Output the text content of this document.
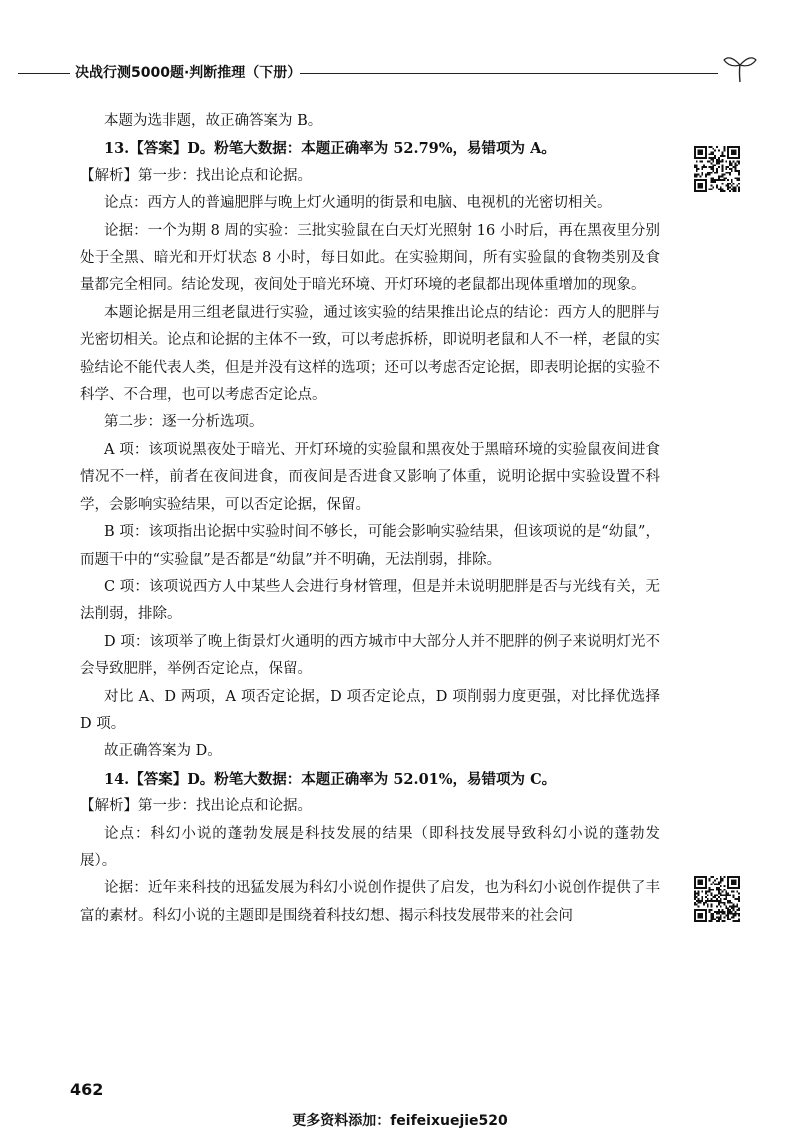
决战行测5000题·判断推理（下册）

本题为选非题，故正确答案为 B。

13.【答案】D。粉笔大数据：本题正确率为 52.79%，易错项为 A。

【解析】第一步：找出论点和论据。

论点：西方人的普遍肥胖与晚上灯火通明的街景和电脑、电视机的光密切相关。

论据：一个为期 8 周的实验：三批实验鼠在白天灯光照射 16 小时后，再在黑夜里分别处于全黑、暗光和开灯状态 8 小时，每日如此。在实验期间，所有实验鼠的食物类别及食量都完全相同。结论发现，夜间处于暗光环境、开灯环境的老鼠都出现体重增加的现象。

本题论据是用三组老鼠进行实验，通过该实验的结果推出论点的结论：西方人的肥胖与光密切相关。论点和论据的主体不一致，可以考虑拆桥，即说明老鼠和人不一样，老鼠的实验结论不能代表人类，但是并没有这样的选项；还可以考虑否定论据，即表明论据的实验不科学、不合理，也可以考虑否定论点。

第二步：逐一分析选项。

A 项：该项说黑夜处于暗光、开灯环境的实验鼠和黑夜处于黑暗环境的实验鼠夜间进食情况不一样，前者在夜间进食，而夜间是否进食又影响了体重，说明论据中实验设置不科学，会影响实验结果，可以否定论据，保留。

B 项：该项指出论据中实验时间不够长，可能会影响实验结果，但该项说的是“幼鼠”，而题干中的“实验鼠”是否都是“幼鼠”并不明确，无法削弱，排除。

C 项：该项说西方人中某些人会进行身材管理，但是并未说明肥胖是否与光线有关，无法削弱，排除。

D 项：该项举了晚上街景灯火通明的西方城市中大部分人并不肥胖的例子来说明灯光不会导致肥胖，举例否定论点，保留。

对比 A、D 两项，A 项否定论据，D 项否定论点，D 项削弱力度更强，对比择优选择 D 项。

故正确答案为 D。

14.【答案】D。粉笔大数据：本题正确率为 52.01%，易错项为 C。

【解析】第一步：找出论点和论据。

论点：科幻小说的蓬勃发展是科技发展的结果（即科技发展导致科幻小说的蓬勃发展）。

论据：近年来科技的迅猛发展为科幻小说创作提供了启发，也为科幻小说创作提供了丰富的素材。科幻小说的主题即是围绕着科技幻想、揭示科技发展带来的社会问

462
更多资料添加：feifeixuejie520
